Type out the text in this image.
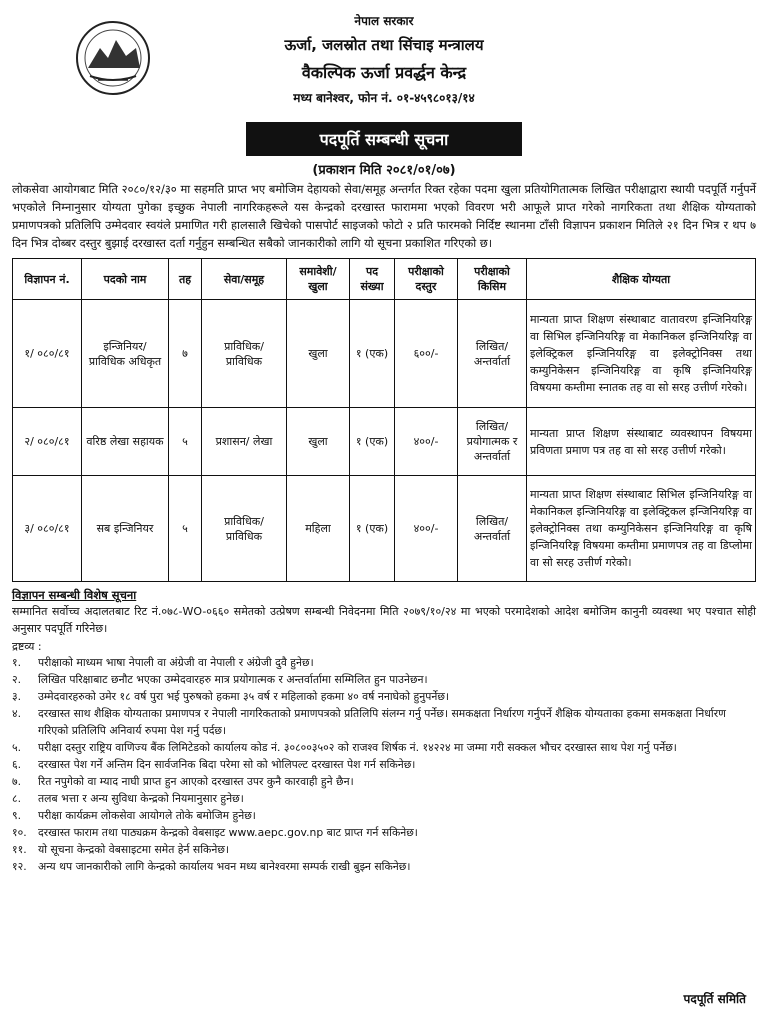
नेपाल सरकार
ऊर्जा, जलस्रोत तथा सिंचाइ मन्त्रालय
वैकल्पिक ऊर्जा प्रवर्द्धन केन्द्र
मध्य बानेश्वर, फोन नं. ०१-४५९८०१३/१४
पदपूर्ति सम्बन्धी सूचना
(प्रकाशन मिति २०८१/०१/०७)
लोकसेवा आयोगबाट मिति २०८०/१२/३० मा सहमति प्राप्त भए बमोजिम देहायको सेवा/समूह अन्तर्गत रिक्त रहेका पदमा खुला प्रतियोगितात्मक लिखित परीक्षाद्वारा स्थायी पदपूर्ति गर्नुपर्ने भएकोले निम्नानुसार योग्यता पुगेका इच्छुक नेपाली नागरिकहरूले यस केन्द्रको दरखास्त फाराममा भएको विवरण भरी आफूले प्राप्त गरेको नागरिकता तथा शैक्षिक योग्यताको प्रमाणपत्रको प्रतिलिपि उम्मेदवार स्वयंले प्रमाणित गरी हालसालै खिचेको पासपोर्ट साइजको फोटो २ प्रति फारमको निर्दिष्ट स्थानमा टाँसी विज्ञापन प्रकाशन मितिले २१ दिन भित्र र थप ७ दिन भित्र दोब्बर दस्तुर बुझाई दरखास्त दर्ता गर्नुहुन सम्बन्धित सबैको जानकारीको लागि यो सूचना प्रकाशित गरिएको छ।
विज्ञापन नं.	पदको नाम	तह	सेवा/समूह	समावेशी/ खुला	पद संख्या	परीक्षाको दस्तुर	परीक्षाको किसिम	शैक्षिक योग्यता
१/ ०८०/८१	इन्जिनियर/ प्राविधिक अधिकृत	७	प्राविधिक/ प्राविधिक	खुला	१ (एक)	६००/-	लिखित/ अन्तर्वार्ता	मान्यता प्राप्त शिक्षण संस्थाबाट वातावरण इन्जिनियरिङ्ग वा सिभिल इन्जिनियरिङ्ग वा मेकानिकल इन्जिनियरिङ्ग वा इलेक्ट्रिकल इन्जिनियरिङ्ग वा इलेक्ट्रोनिक्स तथा कम्युनिकेसन इन्जिनियरिङ्ग वा कृषि इन्जिनियरिङ्ग विषयमा कम्तीमा स्नातक तह वा सो सरह उत्तीर्ण गरेको।
२/ ०८०/८१	वरिष्ठ लेखा सहायक	५	प्रशासन/ लेखा	खुला	१ (एक)	४००/-	लिखित/ प्रयोगात्मक र अन्तर्वार्ता	मान्यता प्राप्त शिक्षण संस्थाबाट व्यवस्थापन विषयमा प्रविणता प्रमाण पत्र तह वा सो सरह उत्तीर्ण गरेको।
३/ ०८०/८१	सब इन्जिनियर	५	प्राविधिक/ प्राविधिक	महिला	१ (एक)	४००/-	लिखित/ अन्तर्वार्ता	मान्यता प्राप्त शिक्षण संस्थाबाट सिभिल इन्जिनियरिङ्ग वा मेकानिकल इन्जिनियरिङ्ग वा इलेक्ट्रिकल इन्जिनियरिङ्ग वा इलेक्ट्रोनिक्स तथा कम्युनिकेसन इन्जिनियरिङ्ग वा कृषि इन्जिनियरिङ्ग विषयमा कम्तीमा प्रमाणपत्र तह वा डिप्लोमा वा सो सरह उत्तीर्ण गरेको।
विज्ञापन सम्बन्धी विशेष सूचना
सम्मानित सर्वोच्च अदालतबाट रिट नं.०७८-WO-०६६० समेतको उत्प्रेषण सम्बन्धी निवेदनमा मिति २०७९/१०/२४ मा भएको परमादेशको आदेश बमोजिम कानुनी व्यवस्था भए पश्चात सोही अनुसार पदपूर्ति गरिनेछ।
द्रष्टव्य :
१.	परीक्षाको माध्यम भाषा नेपाली वा अंग्रेजी वा नेपाली र अंग्रेजी दुवै हुनेछ।
२.	लिखित परिक्षाबाट छनौट भएका उम्मेदवारहरु मात्र प्रयोगात्मक र अन्तर्वार्तामा सम्मिलित हुन पाउनेछन।
३.	उम्मेदवारहरुको उमेर १८ वर्ष पुरा भई पुरुषको हकमा ३५ वर्ष र महिलाको हकमा ४० वर्ष ननाघेको हुनुपर्नेछ।
४.	दरखास्त साथ शैक्षिक योग्यताका प्रमाणपत्र र नेपाली नागरिकताको प्रमाणपत्रको प्रतिलिपि संलग्न गर्नु पर्नेछ। समकक्षता निर्धारण गर्नुपर्ने शैक्षिक योग्यताका हकमा समकक्षता निर्धारण गरिएको प्रतिलिपि अनिवार्य रुपमा पेश गर्नु पर्दछ।
५.	परीक्षा दस्तुर राष्ट्रिय वाणिज्य बैंक लिमिटेडको कार्यालय कोड नं. ३०८००३५०२ को राजश्व शिर्षक नं. १४२२४ मा जम्मा गरी सक्कल भौचर दरखास्त साथ पेश गर्नु पर्नेछ।
६.	दरखास्त पेश गर्ने अन्तिम दिन सार्वजनिक बिदा परेमा सो को भोलिपल्ट दरखास्त पेश गर्न सकिनेछ।
७.	रित नपुगेको वा म्याद नाघी प्राप्त हुन आएको दरखास्त उपर कुनै कारवाही हुने छैन।
८.	तलब भत्ता र अन्य सुविधा केन्द्रको नियमानुसार हुनेछ।
९.	परीक्षा कार्यक्रम लोकसेवा आयोगले तोके बमोजिम हुनेछ।
१०.	दरखास्त फाराम तथा पाठ्यक्रम केन्द्रको वेबसाइट www.aepc.gov.np बाट प्राप्त गर्न सकिनेछ।
११.	यो सूचना केन्द्रको वेबसाइटमा समेत हेर्न सकिनेछ।
१२.	अन्य थप जानकारीको लागि केन्द्रको कार्यालय भवन मध्य बानेश्वरमा सम्पर्क राखी बुझ्न सकिनेछ।
पदपूर्ति समिति
